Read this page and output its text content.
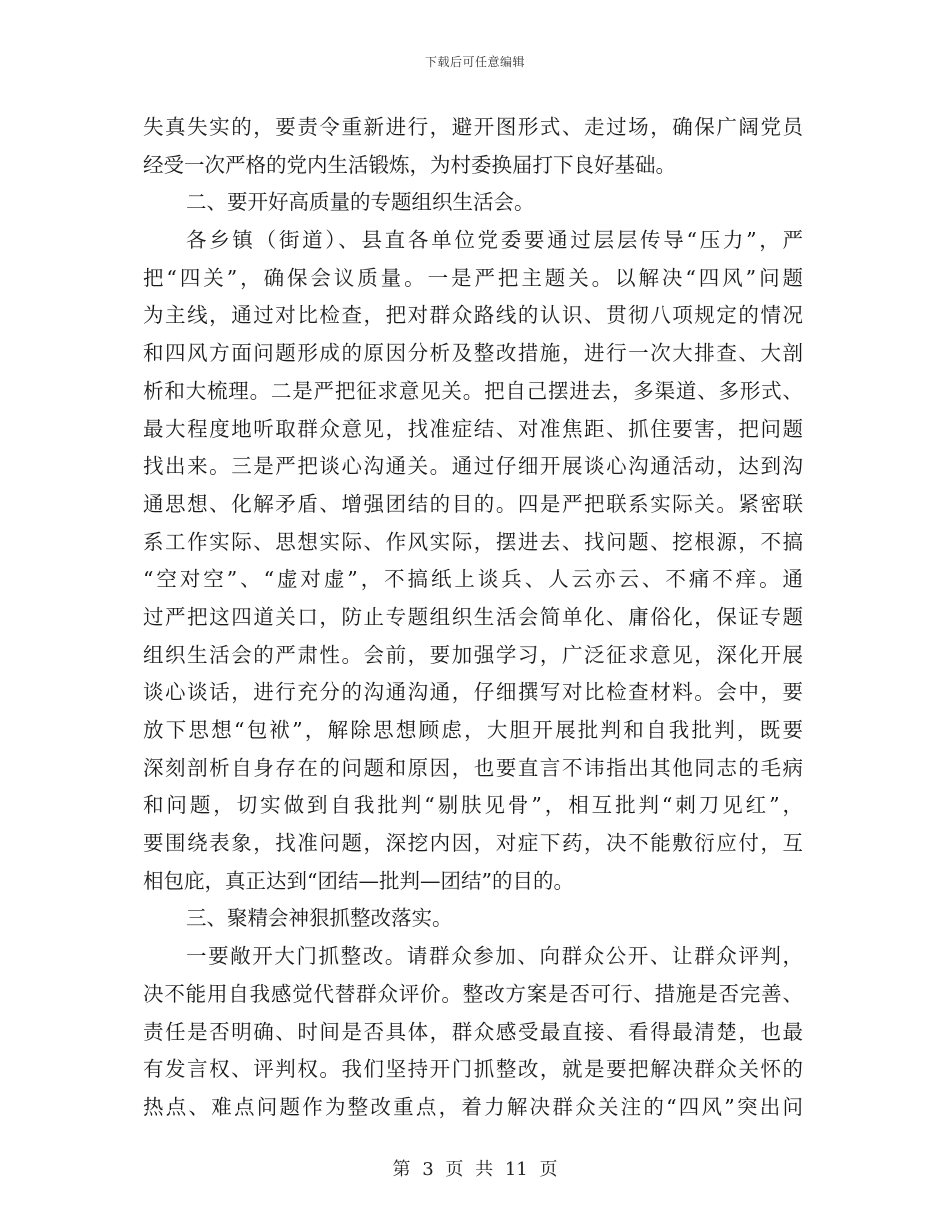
下载后可任意编辑
失真失实的，要责令重新进行，避开图形式、走过场，确保广阔党员
经受一次严格的党内生活锻炼，为村委换届打下良好基础。
二、要开好高质量的专题组织生活会。
各乡镇（街道）、县直各单位党委要通过层层传导“压力”，严
把“四关”，确保会议质量。一是严把主题关。以解决“四风”问题
为主线，通过对比检查，把对群众路线的认识、贯彻八项规定的情况
和四风方面问题形成的原因分析及整改措施，进行一次大排查、大剖
析和大梳理。二是严把征求意见关。把自己摆进去，多渠道、多形式、
最大程度地听取群众意见，找准症结、对准焦距、抓住要害，把问题
找出来。三是严把谈心沟通关。通过仔细开展谈心沟通活动，达到沟
通思想、化解矛盾、增强团结的目的。四是严把联系实际关。紧密联
系工作实际、思想实际、作风实际，摆进去、找问题、挖根源，不搞
“空对空”、“虚对虚”，不搞纸上谈兵、人云亦云、不痛不痒。通
过严把这四道关口，防止专题组织生活会简单化、庸俗化，保证专题
组织生活会的严肃性。会前，要加强学习，广泛征求意见，深化开展
谈心谈话，进行充分的沟通沟通，仔细撰写对比检查材料。会中，要
放下思想“包袱”，解除思想顾虑，大胆开展批判和自我批判，既要
深刻剖析自身存在的问题和原因，也要直言不讳指出其他同志的毛病
和问题，切实做到自我批判“剔肤见骨”，相互批判“刺刀见红”，
要围绕表象，找准问题，深挖内因，对症下药，决不能敷衍应付，互
相包庇，真正达到“团结—批判—团结”的目的。
三、聚精会神狠抓整改落实。
一要敞开大门抓整改。请群众参加、向群众公开、让群众评判，
决不能用自我感觉代替群众评价。整改方案是否可行、措施是否完善、
责任是否明确、时间是否具体，群众感受最直接、看得最清楚，也最
有发言权、评判权。我们坚持开门抓整改，就是要把解决群众关怀的
热点、难点问题作为整改重点，着力解决群众关注的“四风”突出问
第 3 页 共 11 页
